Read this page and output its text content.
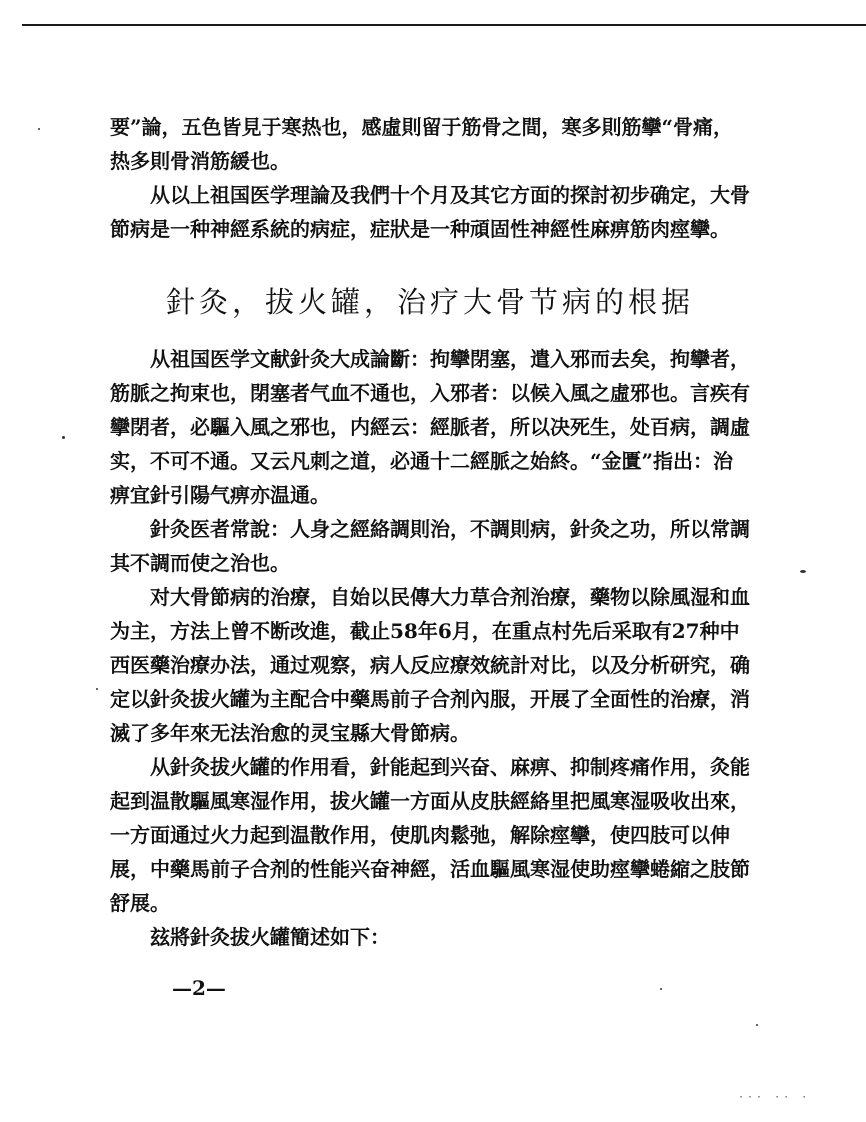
要”論，五色皆見于寒热也，感虛則留于筋骨之間，寒多則筋攣“骨痛，热多則骨消筋緩也。

从以上祖国医学理論及我們十个月及其它方面的探討初步确定，大骨節病是一种神經系統的病症，症狀是一种頑固性神經性麻痹筋肉痙攣。

針灸，拔火罐，治疗大骨节病的根据

从祖国医学文献針灸大成論斷：拘攣閉塞，遣入邪而去矣，拘攣者，筋脈之拘束也，閉塞者气血不通也，入邪者：以候入風之虛邪也。言疾有攣閉者，必驅入風之邪也，内經云：經脈者，所以决死生，处百病，調虛实，不可不通。又云凡刺之道，必通十二經脈之始終。“金匱”指出：治痹宜針引陽气痹亦温通。

針灸医者常說：人身之經絡調則治，不調則病，針灸之功，所以常調其不調而使之治也。

对大骨節病的治療，自始以民傳大力草合剂治療，藥物以除風湿和血为主，方法上曾不断改進，截止58年6月，在重点村先后采取有27种中西医藥治療办法，通过观察，病人反应療效統計对比，以及分析研究，确定以針灸拔火罐为主配合中藥馬前子合剂內服，开展了全面性的治療，消滅了多年來无法治愈的灵宝縣大骨節病。

从針灸拔火罐的作用看，針能起到兴奋、麻痹、抑制疼痛作用，灸能起到温散驅風寒湿作用，拔火罐一方面从皮肤經絡里把風寒湿吸收出來，一方面通过火力起到温散作用，使肌肉鬆弛，解除痙攣，使四肢可以伸展，中藥馬前子合剂的性能兴奋神經，活血驅風寒湿使助痙攣蜷縮之肢節舒展。

玆將針灸拔火罐簡述如下：

—2—
··· ·· ·
